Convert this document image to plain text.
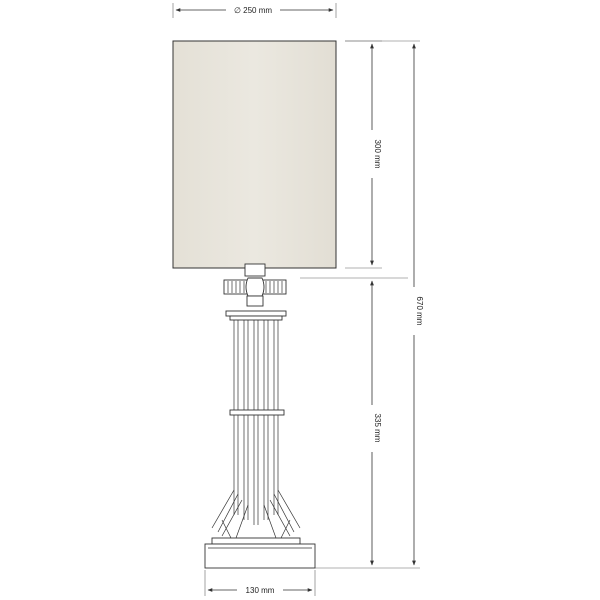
∅ 250 mm
300 mm
670 mm
335 mm
130 mm
